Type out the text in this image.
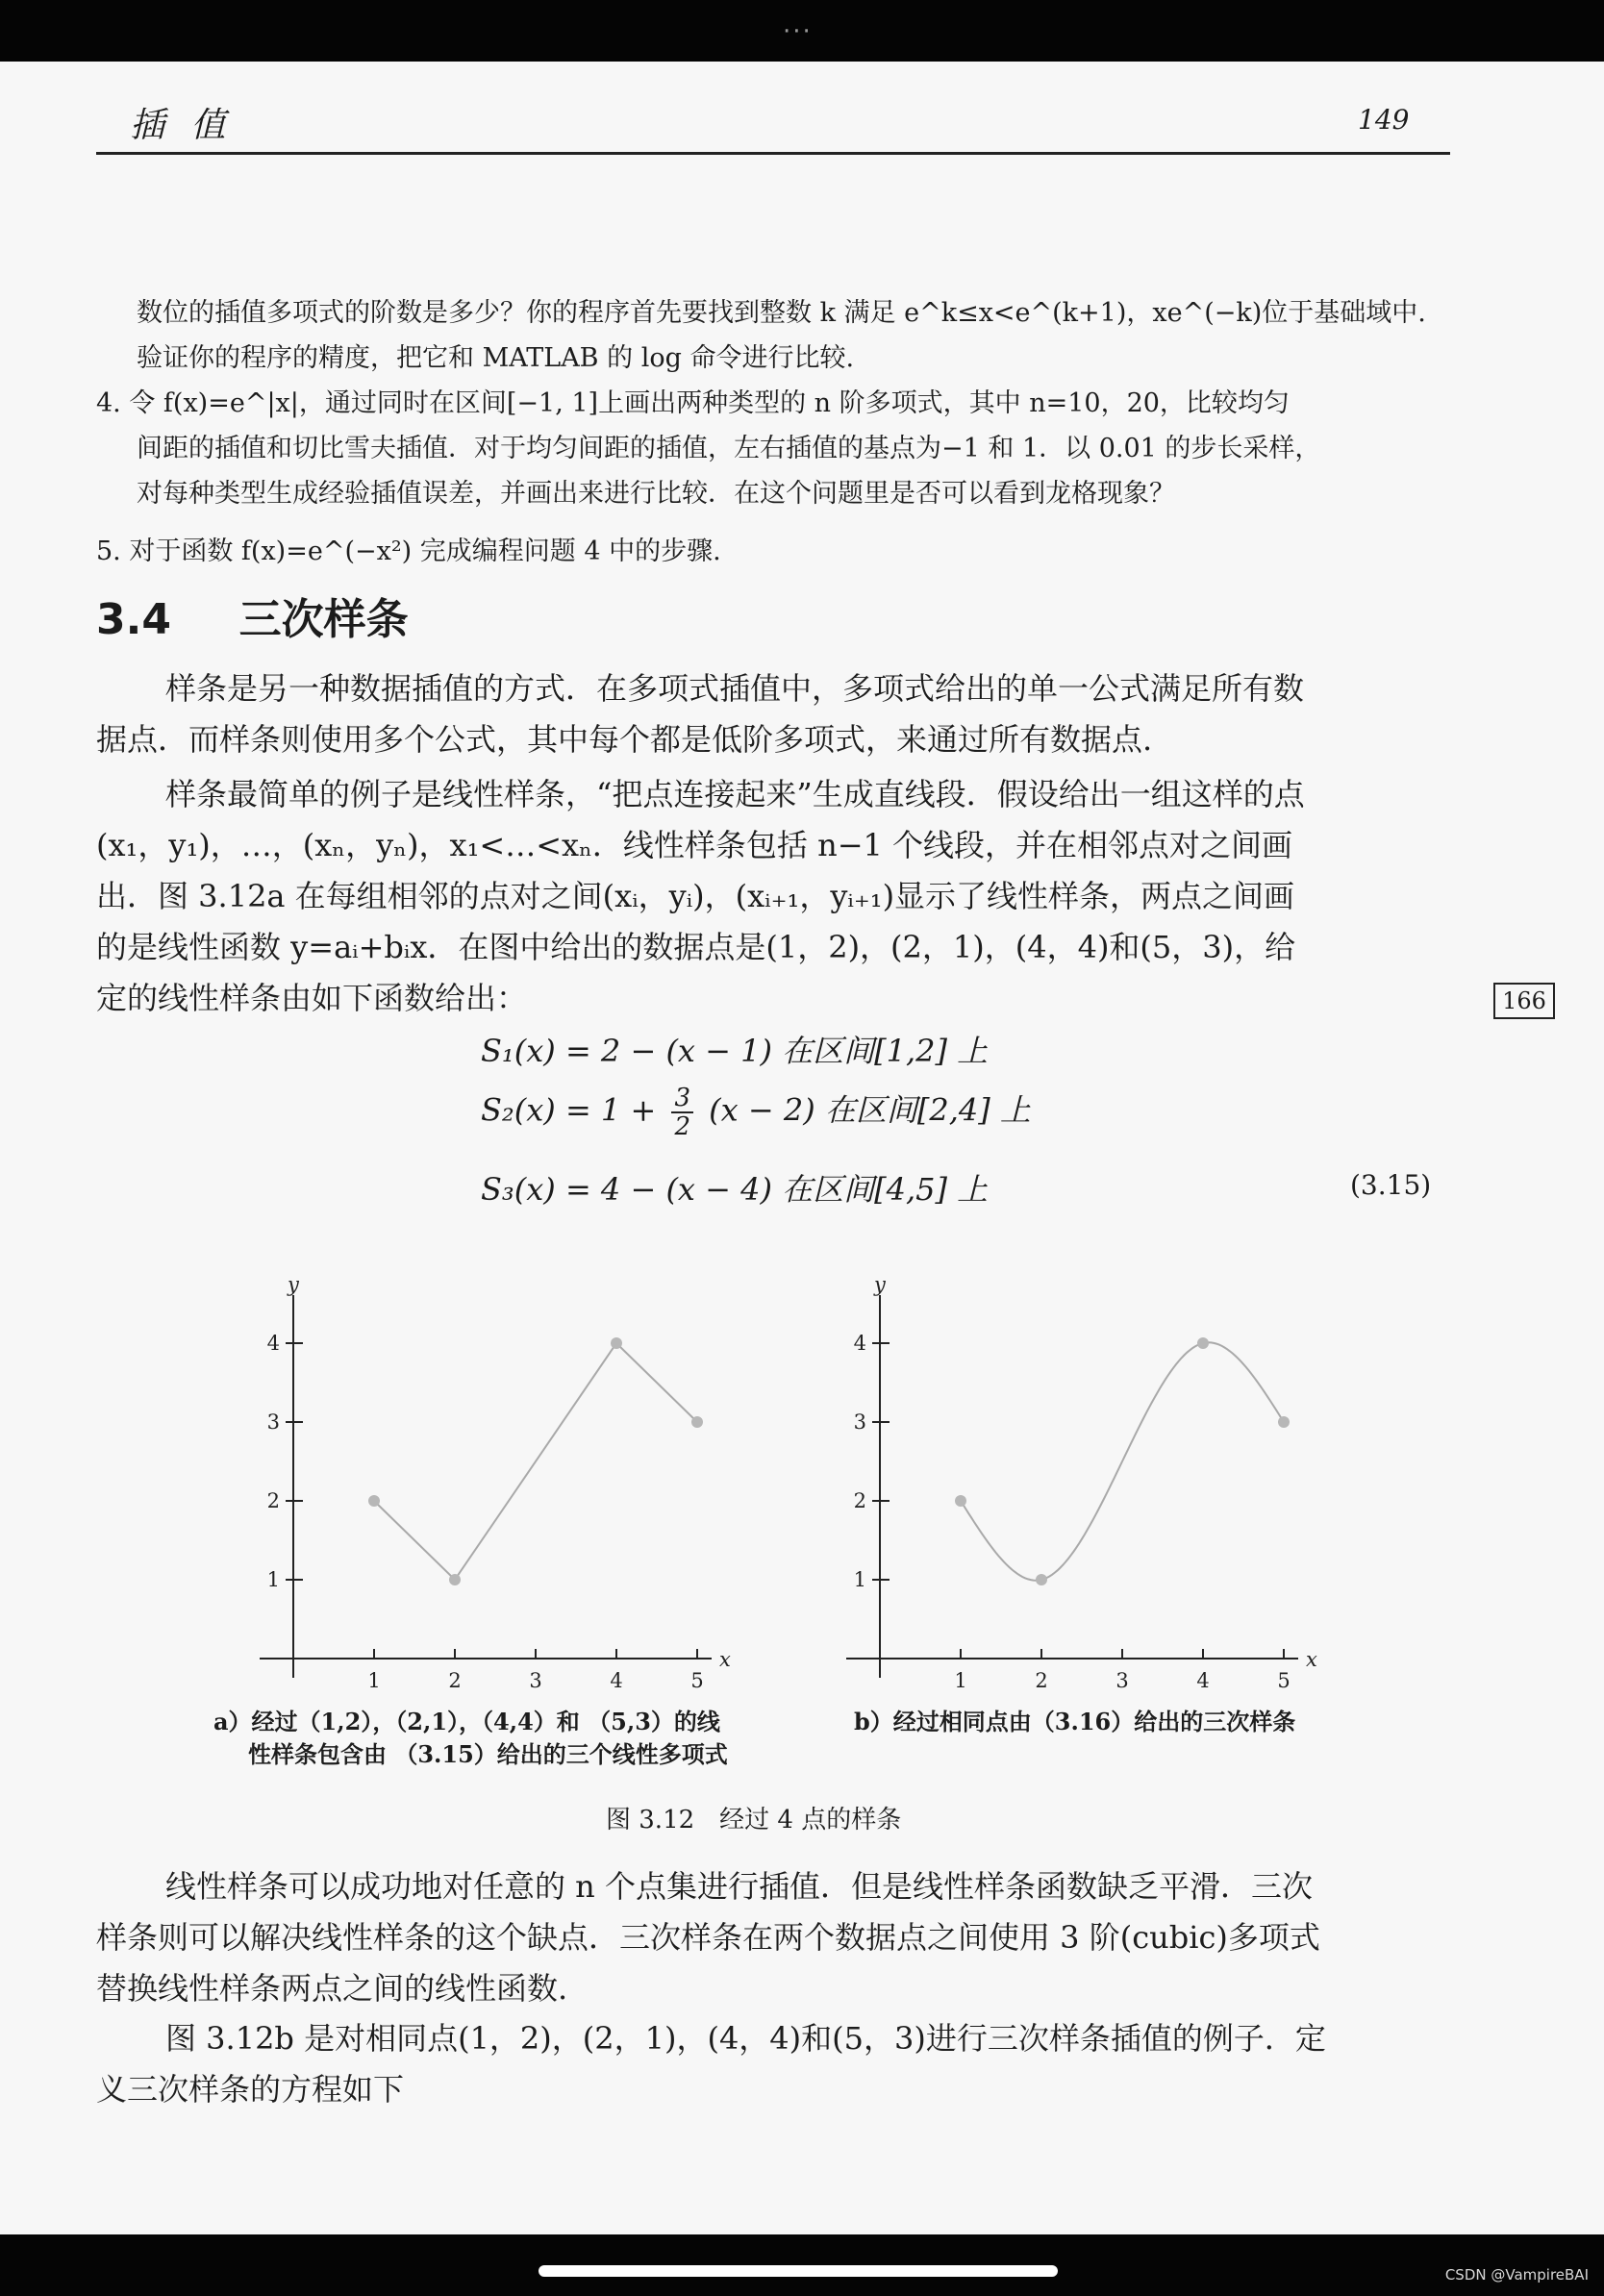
···
插 值	149
数位的插值多项式的阶数是多少？你的程序首先要找到整数 k 满足 e^k≤x<e^(k+1)，xe^(−k)位于基础域中.
验证你的程序的精度，把它和 MATLAB 的 log 命令进行比较.
4. 令 f(x)=e^|x|，通过同时在区间[−1, 1]上画出两种类型的 n 阶多项式，其中 n=10，20，比较均匀
间距的插值和切比雪夫插值．对于均匀间距的插值，左右插值的基点为−1 和 1．以 0.01 的步长采样，
对每种类型生成经验插值误差，并画出来进行比较．在这个问题里是否可以看到龙格现象？
5. 对于函数 f(x)=e^(−x²) 完成编程问题 4 中的步骤.
3.4 三次样条
样条是另一种数据插值的方式．在多项式插值中，多项式给出的单一公式满足所有数
据点．而样条则使用多个公式，其中每个都是低阶多项式，来通过所有数据点.
样条最简单的例子是线性样条，“把点连接起来”生成直线段．假设给出一组这样的点
(x₁，y₁)，…，(xₙ，yₙ)，x₁<…<xₙ．线性样条包括 n−1 个线段，并在相邻点对之间画
出．图 3.12a 在每组相邻的点对之间(xᵢ，yᵢ)，(xᵢ₊₁，yᵢ₊₁)显示了线性样条，两点之间画
的是线性函数 y=aᵢ+bᵢx．在图中给出的数据点是(1，2)，(2，1)，(4，4)和(5，3)，给
定的线性样条由如下函数给出：	166
S₁(x) = 2 − (x − 1) 在区间[1,2] 上
$S_2(x) = 1 + \frac{3}{2} (x - 2)$ 在区间[2,4] 上
S₃(x) = 4 − (x − 4) 在区间[4,5] 上	(3.15)
1	2	3	4	5
1
2
3
4
x
y
1	2	3	4	5
1
2
3
4
x
y
a）经过（1,2），（2,1），（4,4）和 （5,3）的线
性样条包含由 （3.15）给出的三个线性多项式
b）经过相同点由（3.16）给出的三次样条
图 3.12　经过 4 点的样条
线性样条可以成功地对任意的 n 个点集进行插值．但是线性样条函数缺乏平滑．三次
样条则可以解决线性样条的这个缺点．三次样条在两个数据点之间使用 3 阶(cubic)多项式
替换线性样条两点之间的线性函数.
图 3.12b 是对相同点(1，2)，(2，1)，(4，4)和(5，3)进行三次样条插值的例子．定
义三次样条的方程如下
CSDN @VampireBAI
